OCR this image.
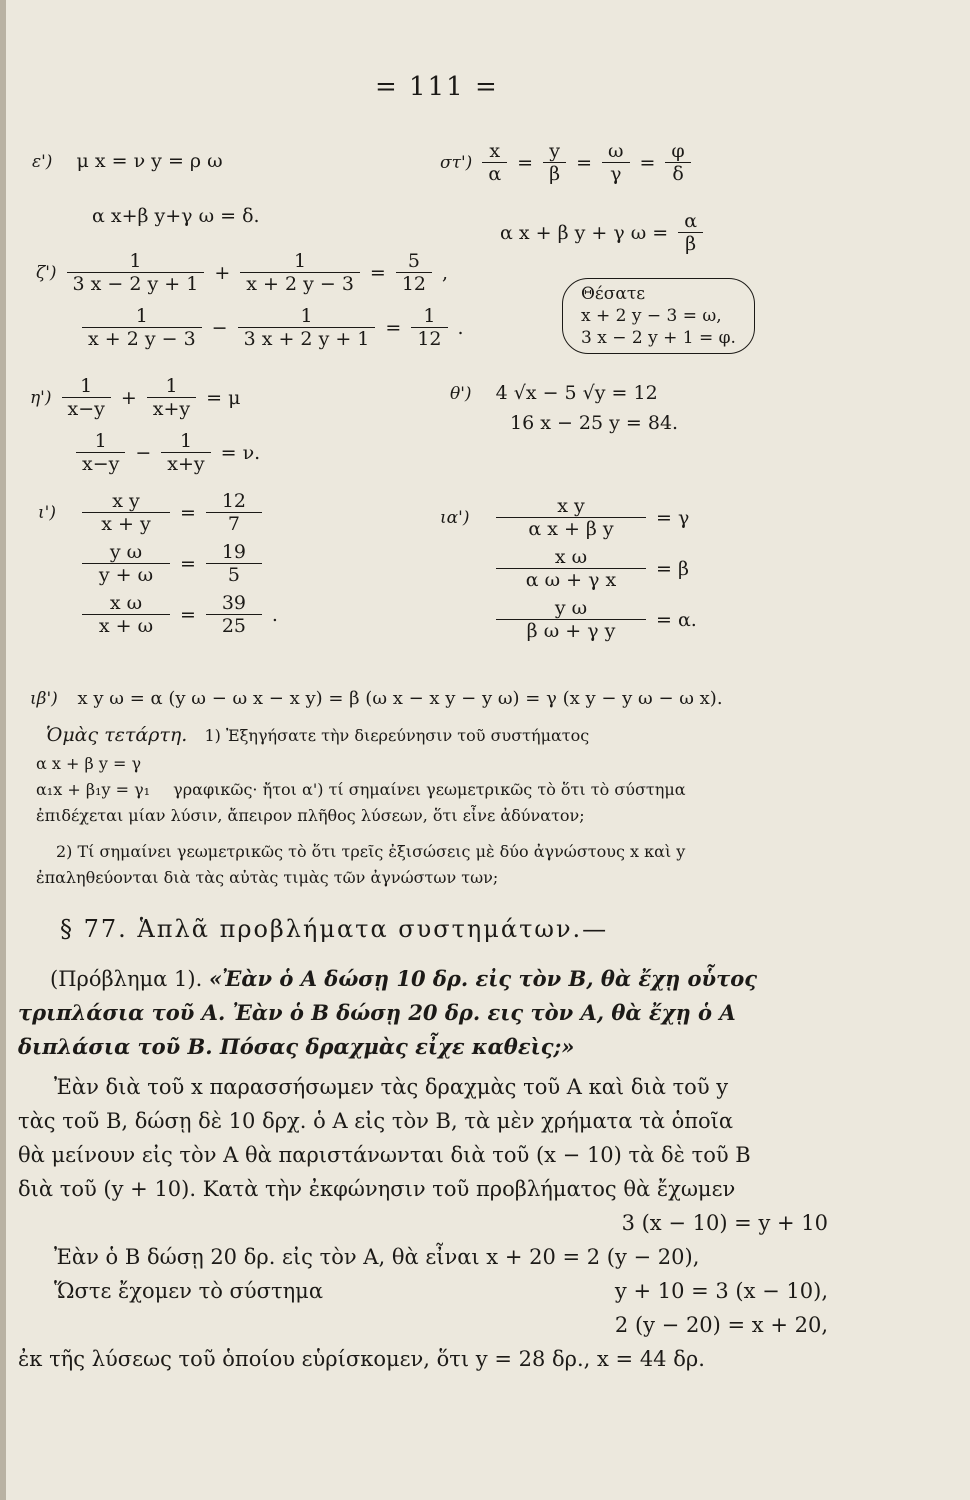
= 111 =
ε') μ x = ν y = ρ ω
α x+β y+γ ω = δ.
$\sigma\tau') \frac{x}{\alpha} = \frac{y}{\beta} = \frac{\omega}{\gamma} = \frac{\varphi}{\delta}$
α x + β y + γ $\omega = \frac{\alpha}{\beta}$
$\zeta') \frac{1}{3 x - 2 y + 1} + \frac{1}{x + 2 y - 3} = \frac{5}{12}$ ,
$\frac{1}{x + 2 y - 3} - \frac{1}{3 x + 2 y + 1} = \frac{1}{12}$ .
Θέσατε
x + 2 y − 3 = ω,
3 x − 2 y + 1 = φ.
$\eta') \frac{1}{x-y} + \frac{1}{x+y} = \mu$
$\frac{1}{x-y} - \frac{1}{x+y} = \nu$.
θ') 4 √x − 5 √y = 12
16 x − 25 y = 84.
ι')	$\frac{\text{x y}}{x + y} = \frac{12}{7}$

$\frac{\text{y ω}}{y + \omega} = \frac{19}{5}$

$\frac{\text{x ω}}{x + \omega} = \frac{39}{25}$ .
ια')	$\frac{\text{x y}}{\text{α x + β y}} = \gamma$

$\frac{\text{x ω}}{\text{α ω + γ x}} = \beta$

$\frac{\text{y ω}}{\text{β ω + γ y}} = \alpha$.
ιβ') x y ω = α (y ω − ω x − x y) = β (ω x − x y − y ω) = γ (x y − y ω − ω x).
Ὁμὰς τετάρτη. 1) Ἐξηγήσατε τὴν διερεύνησιν τοῦ συστήματος
α x + β y = γ
α₁x + β₁y = γ₁ γραφικῶς· ἤτοι α') τί σημαίνει γεωμετρικῶς τὸ ὅτι τὸ σύστημα
ἐπιδέχεται μίαν λύσιν, ἄπειρον πλῆθος λύσεων, ὅτι εἶνε ἀδύνατον;
2) Τί σημαίνει γεωμετρικῶς τὸ ὅτι τρεῖς ἐξισώσεις μὲ δύο ἀγνώστους x καὶ y
ἐπαληθεύονται διὰ τὰς αὐτὰς τιμὰς τῶν ἀγνώστων των;
§ 77. Ἁπλᾶ προβλήματα συστημάτων.—
(Πρόβλημα 1). «Ἐὰν ὁ Α δώσῃ 10 δρ. εἰς τὸν Β, θὰ ἔχῃ οὗτος
τριπλάσια τοῦ Α. Ἐὰν ὁ Β δώσῃ 20 δρ. εις τὸν Α, θὰ ἔχῃ ὁ Α
διπλάσια τοῦ Β. Πόσας δραχμὰς εἶχε καθεὶς;»
Ἐὰν διὰ τοῦ x παρασσήσωμεν τὰς δραχμὰς τοῦ Α καὶ διὰ τοῦ y
τὰς τοῦ Β, δώσῃ δὲ 10 δρχ. ὁ Α εἰς τὸν Β, τὰ μὲν χρήματα τὰ ὁποῖα
θὰ μείνουν εἰς τὸν Α θὰ παριστάνωνται διὰ τοῦ (x − 10) τὰ δὲ τοῦ Β
διὰ τοῦ (y + 10). Κατὰ τὴν ἐκφώνησιν τοῦ προβλήματος θὰ ἔχωμεν
3 (x − 10) = y + 10
Ἐὰν ὁ Β δώσῃ 20 δρ. εἰς τὸν Α, θὰ εἶναι x + 20 = 2 (y − 20),
Ὥστε ἔχομεν τὸ σύστημα	y + 10 = 3 (x − 10),
2 (y − 20) = x + 20,
ἐκ τῆς λύσεως τοῦ ὁποίου εὑρίσκομεν, ὅτι y = 28 δρ., x = 44 δρ.
